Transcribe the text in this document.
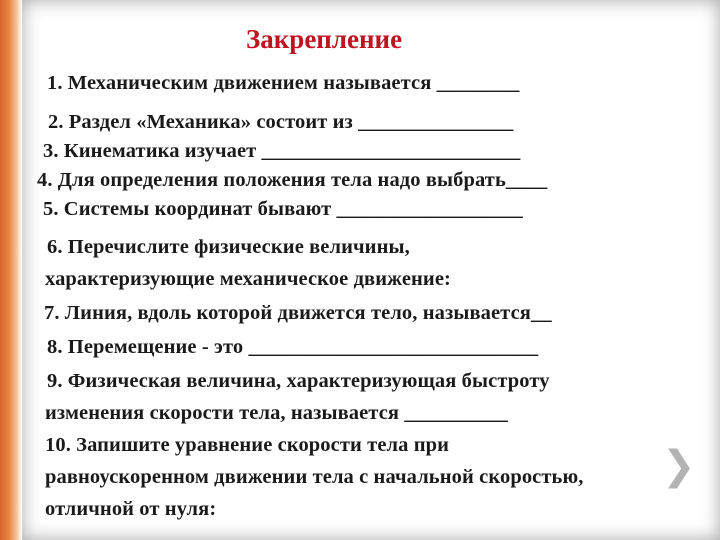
Закрепление
1. Механическим движением называется ________
2. Раздел «Механика» состоит из _______________
3. Кинематика изучает _________________________
4. Для определения положения тела надо выбрать____
5. Системы координат бывают __________________
6. Перечислите физические величины,
характеризующие механическое движение:
7. Линия, вдоль которой движется тело, называется__
8. Перемещение - это ____________________________
9. Физическая величина, характеризующая быстроту
изменения скорости тела, называется __________
10. Запишите уравнение скорости тела при
равноускоренном движении тела с начальной скоростью,
отличной от нуля:
❯
